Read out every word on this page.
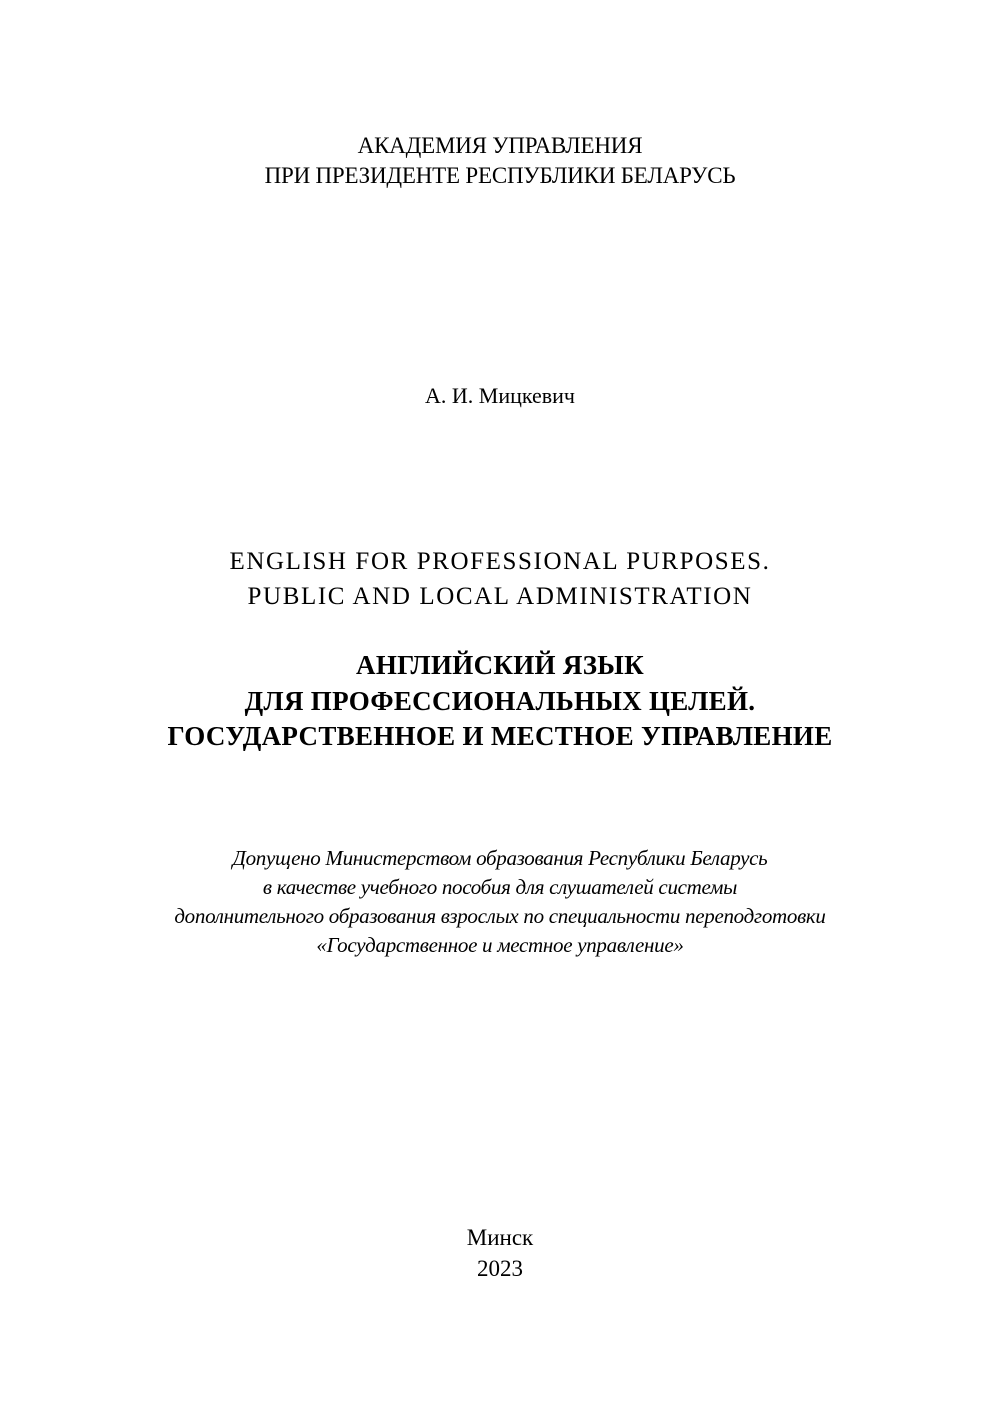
АКАДЕМИЯ УПРАВЛЕНИЯ
ПРИ ПРЕЗИДЕНТЕ РЕСПУБЛИКИ БЕЛАРУСЬ
А. И. Мицкевич
ENGLISH FOR PROFESSIONAL PURPOSES.
PUBLIC AND LOCAL ADMINISTRATION
АНГЛИЙСКИЙ ЯЗЫК
ДЛЯ ПРОФЕССИОНАЛЬНЫХ ЦЕЛЕЙ.
ГОСУДАРСТВЕННОЕ И МЕСТНОЕ УПРАВЛЕНИЕ
Допущено Министерством образования Республики Беларусь
в качестве учебного пособия для слушателей системы
дополнительного образования взрослых по специальности переподготовки
«Государственное и местное управление»
Минск
2023
